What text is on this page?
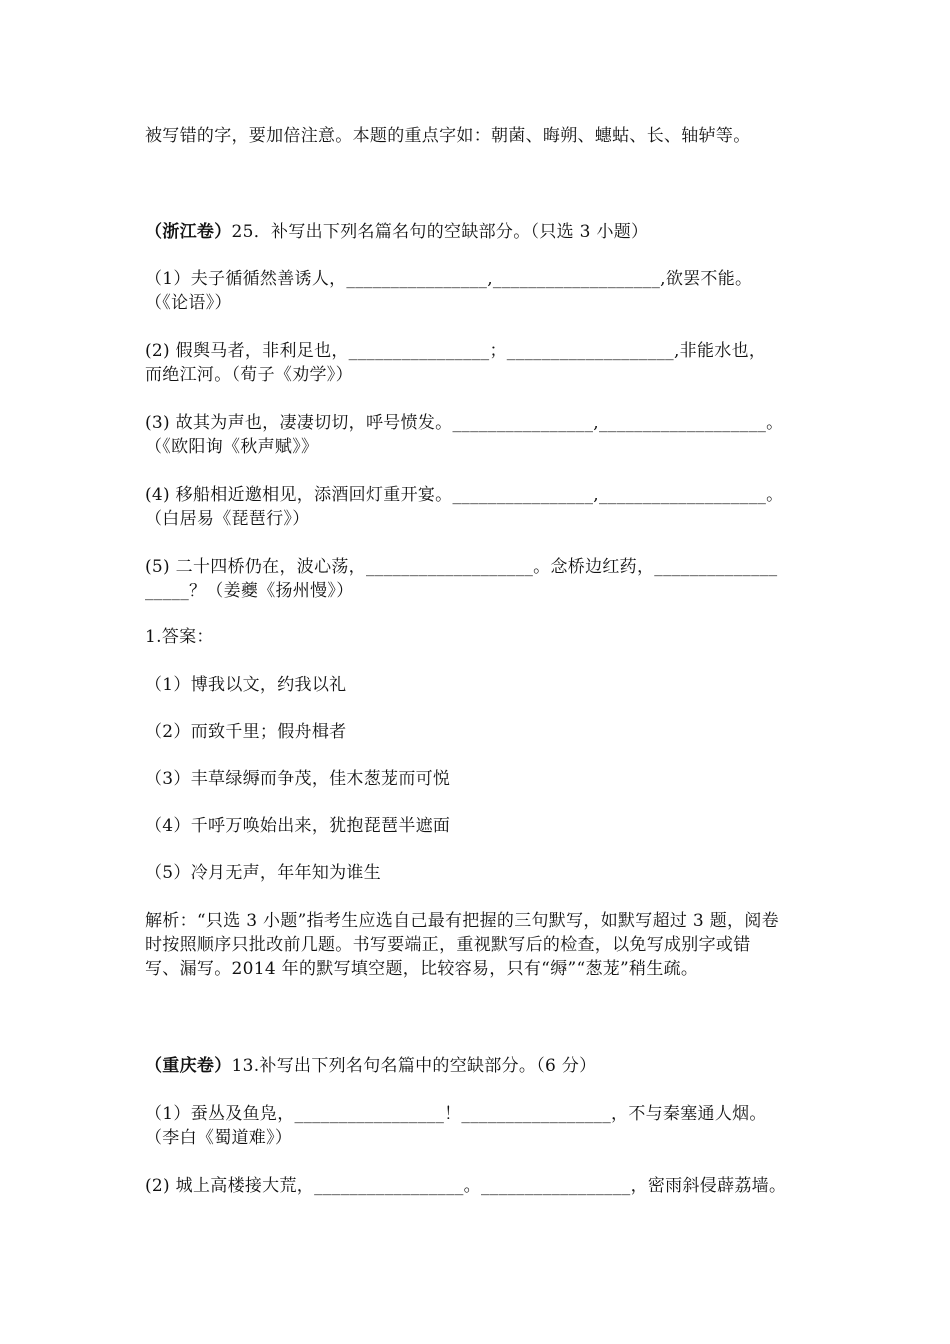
被写错的字，要加倍注意。本题的重点字如：朝菌、晦朔、蟪蛄、长、轴轳等。
（浙江卷）25．补写出下列名篇名句的空缺部分。（只选 3 小题）
（1）夫子循循然善诱人，________________,___________________,欲罢不能。
（《论语》）
(2) 假舆马者，非利足也，________________；___________________,非能水也，
而绝江河。（荀子《劝学》）
(3) 故其为声也，凄凄切切，呼号愤发。________________,___________________。
（《欧阳询《秋声赋》》
(4) 移船相近邀相见，添酒回灯重开宴。________________,___________________。
（白居易《琵琶行》）
(5) 二十四桥仍在，波心荡，___________________。念桥边红药，______________
_____？（姜夔《扬州慢》）
1.答案：
（1）博我以文，约我以礼
（2）而致千里；假舟楫者
（3）丰草绿缛而争茂，佳木葱茏而可悦
（4）千呼万唤始出来，犹抱琵琶半遮面
（5）冷月无声，年年知为谁生
解析：“只选 3 小题”指考生应选自己最有把握的三句默写，如默写超过 3 题，阅卷
时按照顺序只批改前几题。书写要端正，重视默写后的检查，以免写成别字或错
写、漏写。2014 年的默写填空题，比较容易，只有“缛”“葱茏”稍生疏。
（重庆卷）13.补写出下列名句名篇中的空缺部分。（6 分）
（1）蚕丛及鱼凫，_________________！_________________，不与秦塞通人烟。
（李白《蜀道难》）
(2) 城上高楼接大荒，_________________。_________________，密雨斜侵薜荔墙。
